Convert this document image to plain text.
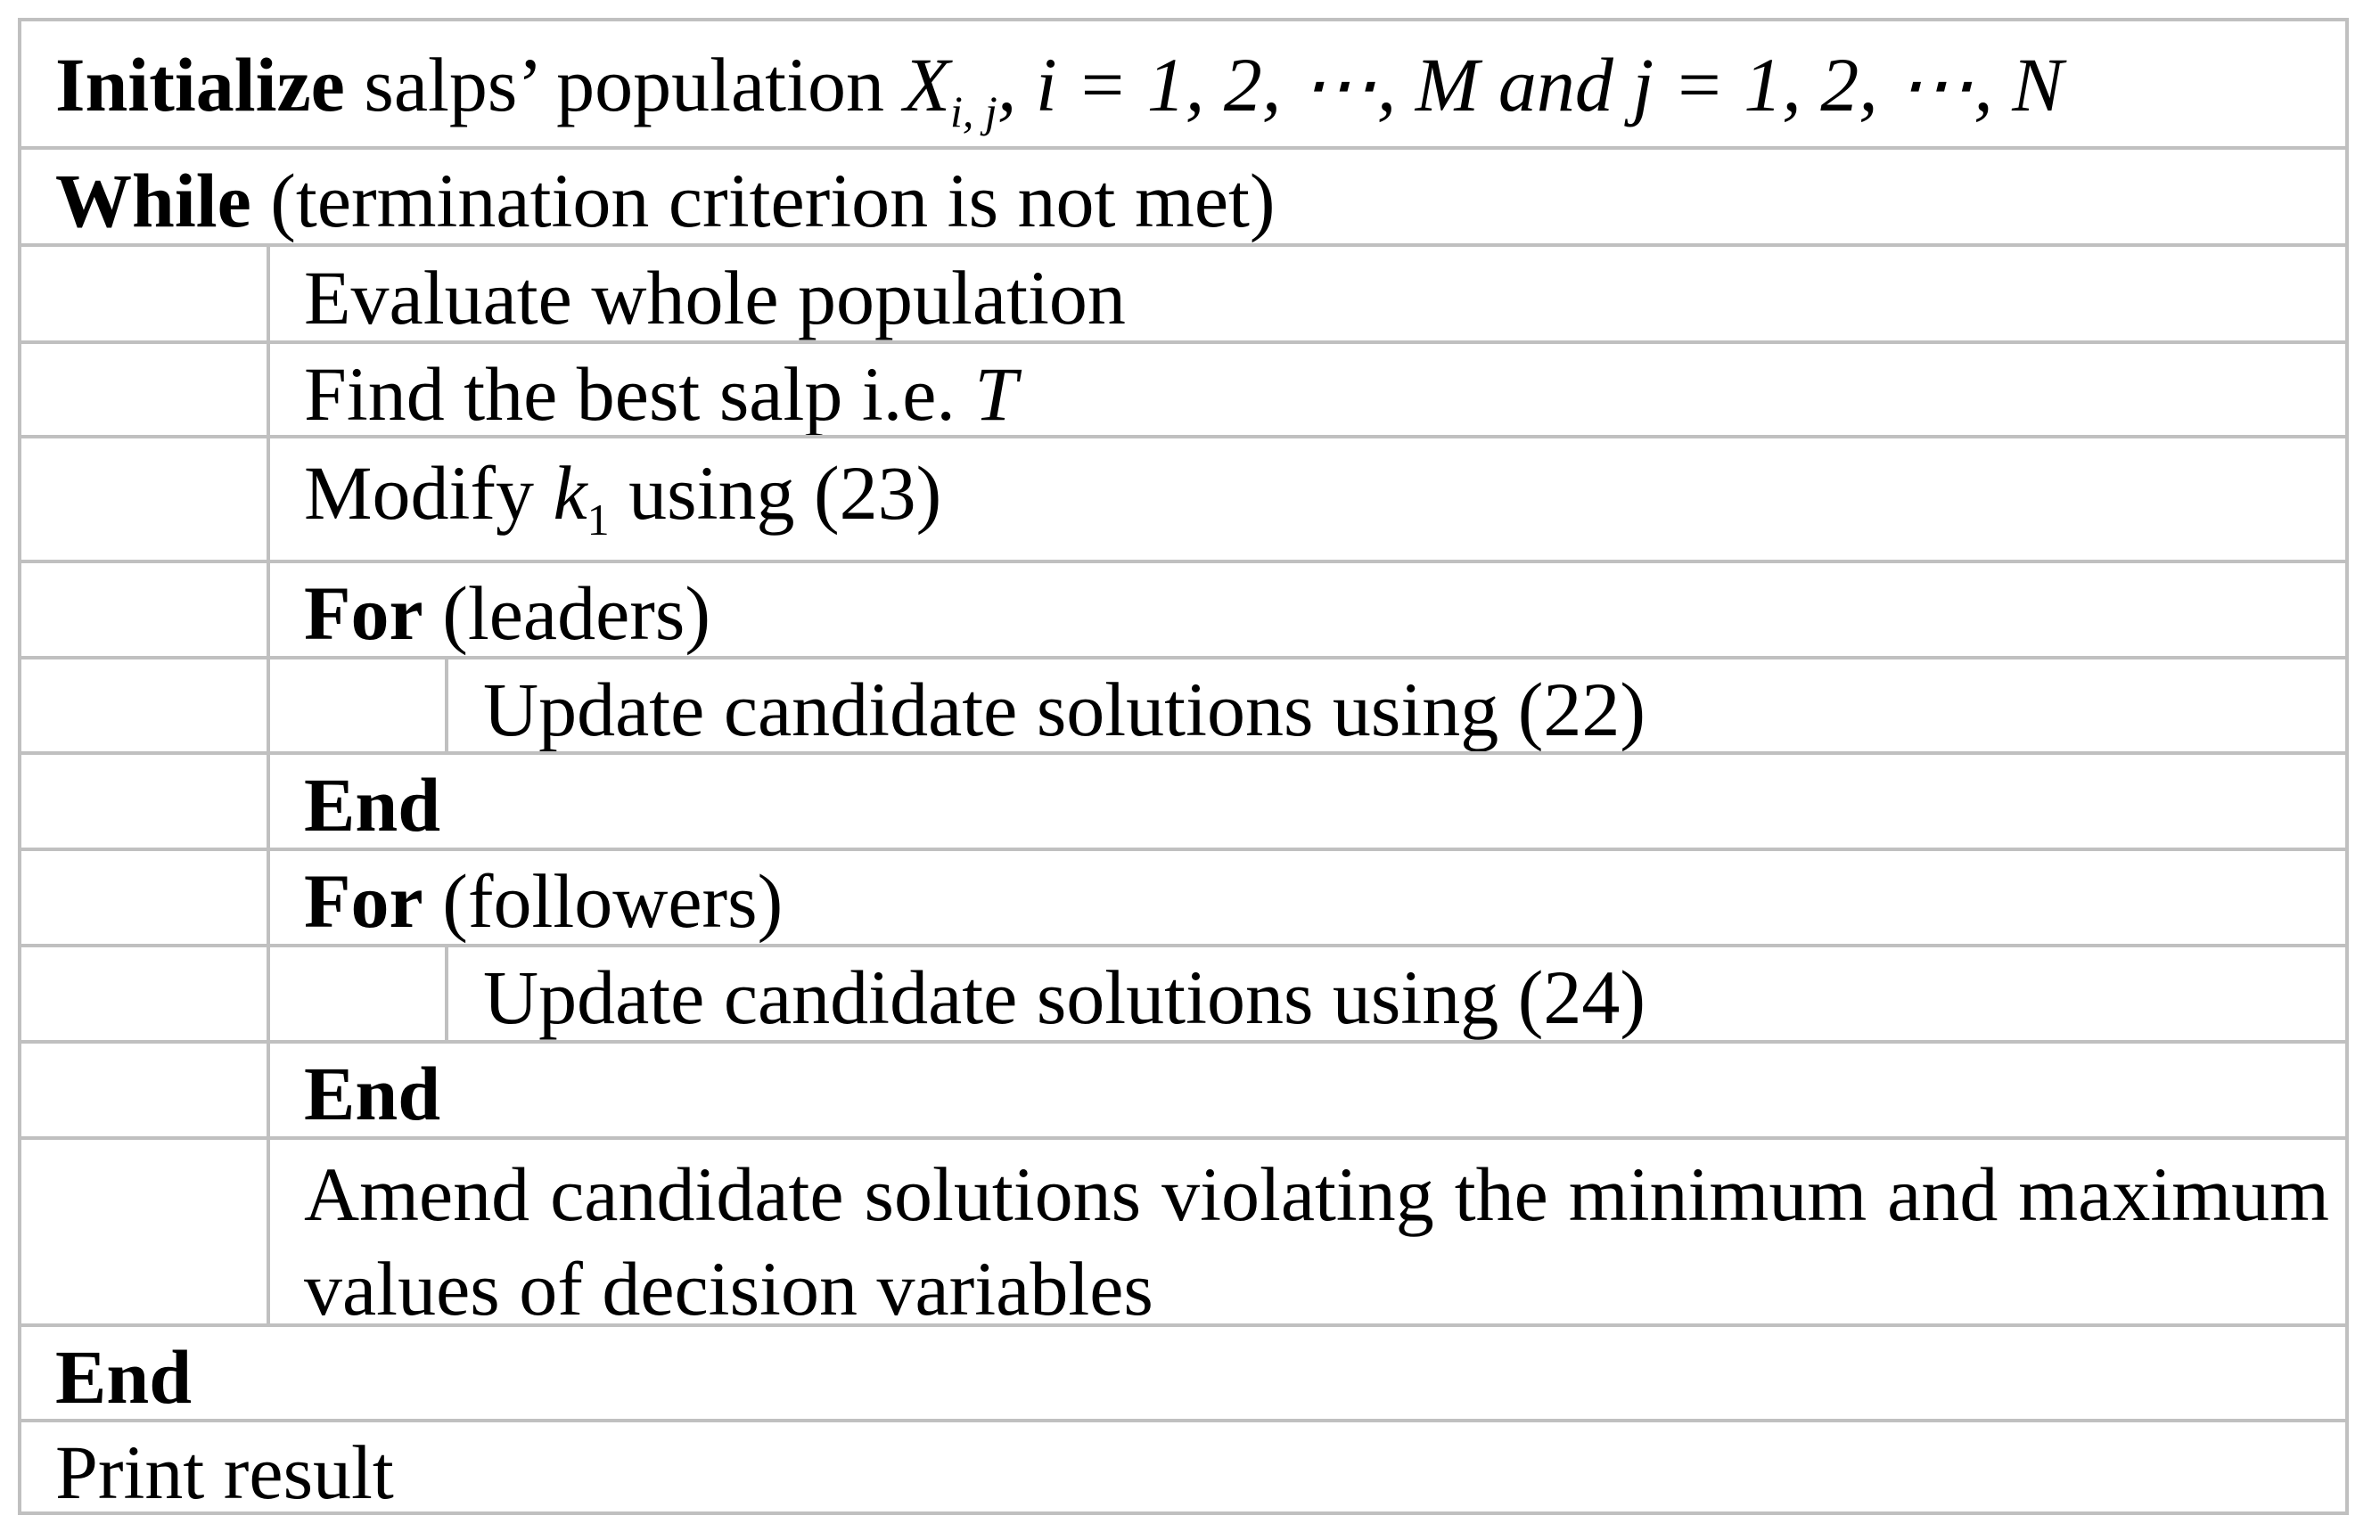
Initialize salps’ population $X_{i, j}$, i = 1, 2, ⋯, M and j = 1, 2, ⋯, N
While (termination criterion is not met)
Evaluate whole population
Find the best salp i.e. T
Modify $k_1$ using (23)
For (leaders)
Update candidate solutions using (22)
End
For (followers)
Update candidate solutions using (24)
End
Amend candidate solutions violating the minimum and maximum values of decision variables
End
Print result
